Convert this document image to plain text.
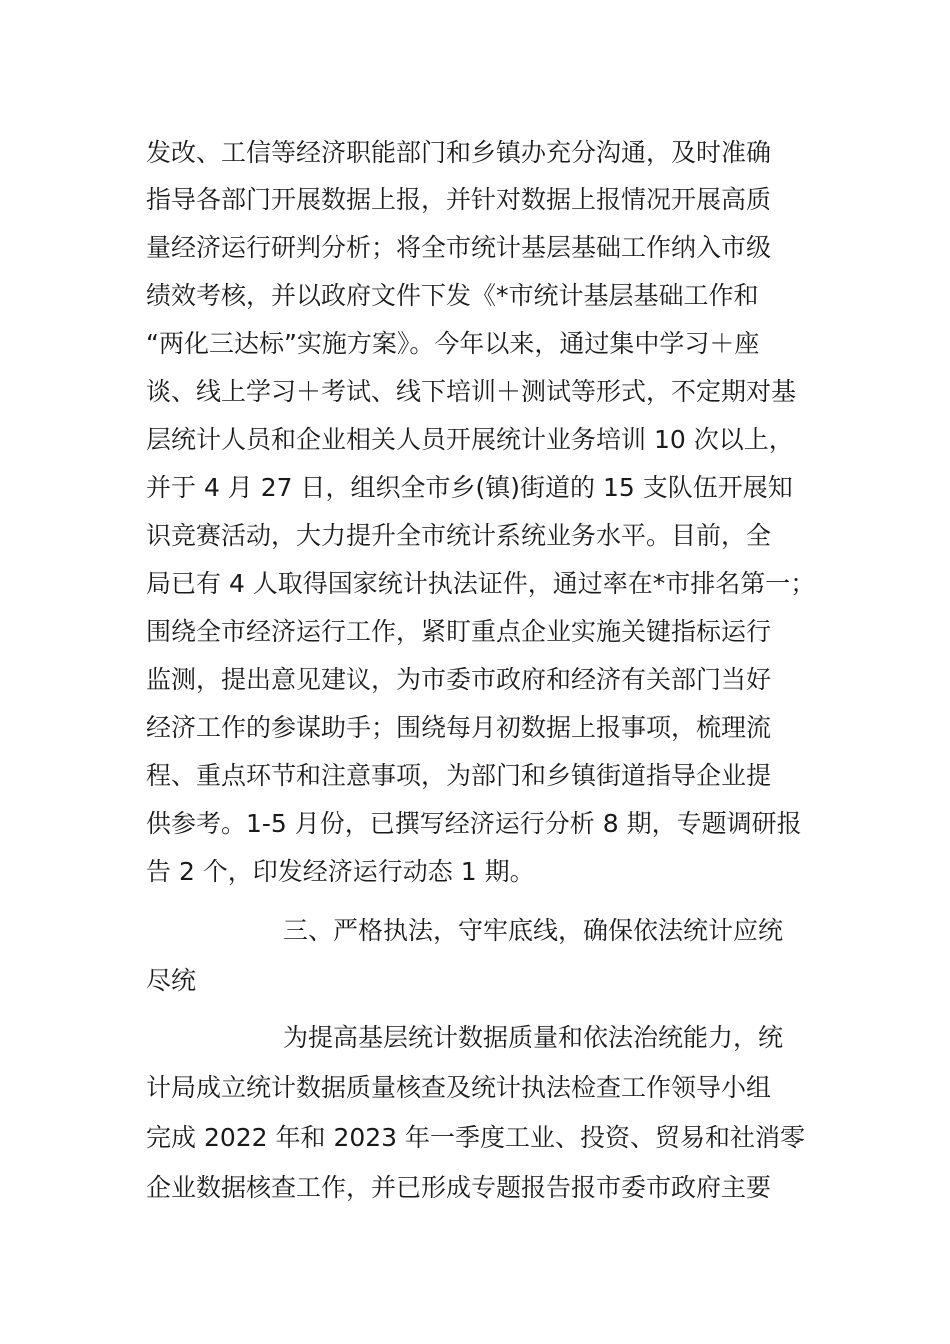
发改、工信等经济职能部门和乡镇办充分沟通，及时准确
指导各部门开展数据上报，并针对数据上报情况开展高质
量经济运行研判分析；将全市统计基层基础工作纳入市级
绩效考核，并以政府文件下发《*市统计基层基础工作和
“两化三达标”实施方案》。今年以来，通过集中学习＋座
谈、线上学习＋考试、线下培训＋测试等形式，不定期对基
层统计人员和企业相关人员开展统计业务培训 10 次以上，
并于 4 月 27 日，组织全市乡(镇)街道的 15 支队伍开展知
识竞赛活动，大力提升全市统计系统业务水平。目前，全
局已有 4 人取得国家统计执法证件，通过率在*市排名第一；
围绕全市经济运行工作，紧盯重点企业实施关键指标运行
监测，提出意见建议，为市委市政府和经济有关部门当好
经济工作的参谋助手；围绕每月初数据上报事项，梳理流
程、重点环节和注意事项，为部门和乡镇街道指导企业提
供参考。1-5 月份，已撰写经济运行分析 8 期，专题调研报
告 2 个，印发经济运行动态 1 期。
三、严格执法，守牢底线，确保依法统计应统
尽统
为提高基层统计数据质量和依法治统能力，统
计局成立统计数据质量核查及统计执法检查工作领导小组
完成 2022 年和 2023 年一季度工业、投资、贸易和社消零
企业数据核查工作，并已形成专题报告报市委市政府主要
